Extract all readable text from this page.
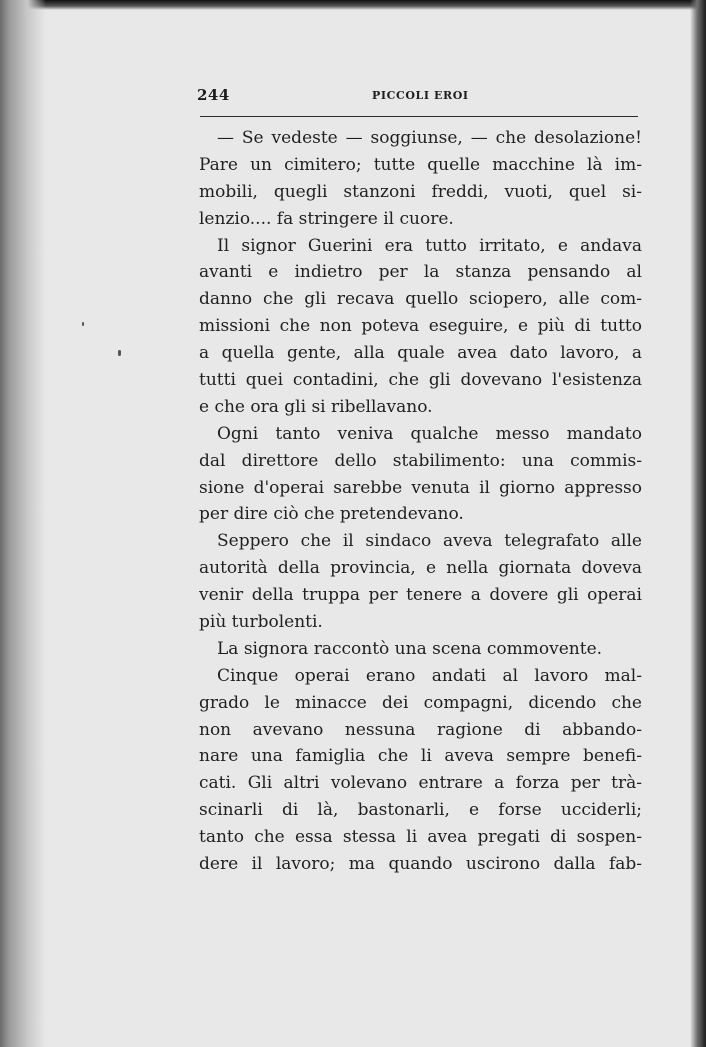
244	PICCOLI EROI
— Se vedeste — soggiunse, — che desolazione!
Pare un cimitero; tutte quelle macchine là im-
mobili, quegli stanzoni freddi, vuoti, quel si-
lenzio.... fa stringere il cuore.
Il signor Guerini era tutto irritato, e andava
avanti e indietro per la stanza pensando al
danno che gli recava quello sciopero, alle com-
missioni che non poteva eseguire, e più di tutto
a quella gente, alla quale avea dato lavoro, a
tutti quei contadini, che gli dovevano l'esistenza
e che ora gli si ribellavano.
Ogni tanto veniva qualche messo mandato
dal direttore dello stabilimento: una commis-
sione d'operai sarebbe venuta il giorno appresso
per dire ciò che pretendevano.
Seppero che il sindaco aveva telegrafato alle
autorità della provincia, e nella giornata doveva
venir della truppa per tenere a dovere gli operai
più turbolenti.
La signora raccontò una scena commovente.
Cinque operai erano andati al lavoro mal-
grado le minacce dei compagni, dicendo che
non avevano nessuna ragione di abbando-
nare una famiglia che li aveva sempre benefi-
cati. Gli altri volevano entrare a forza per trà-
scinarli di là, bastonarli, e forse ucciderli;
tanto che essa stessa li avea pregati di sospen-
dere il lavoro; ma quando uscirono dalla fab-
